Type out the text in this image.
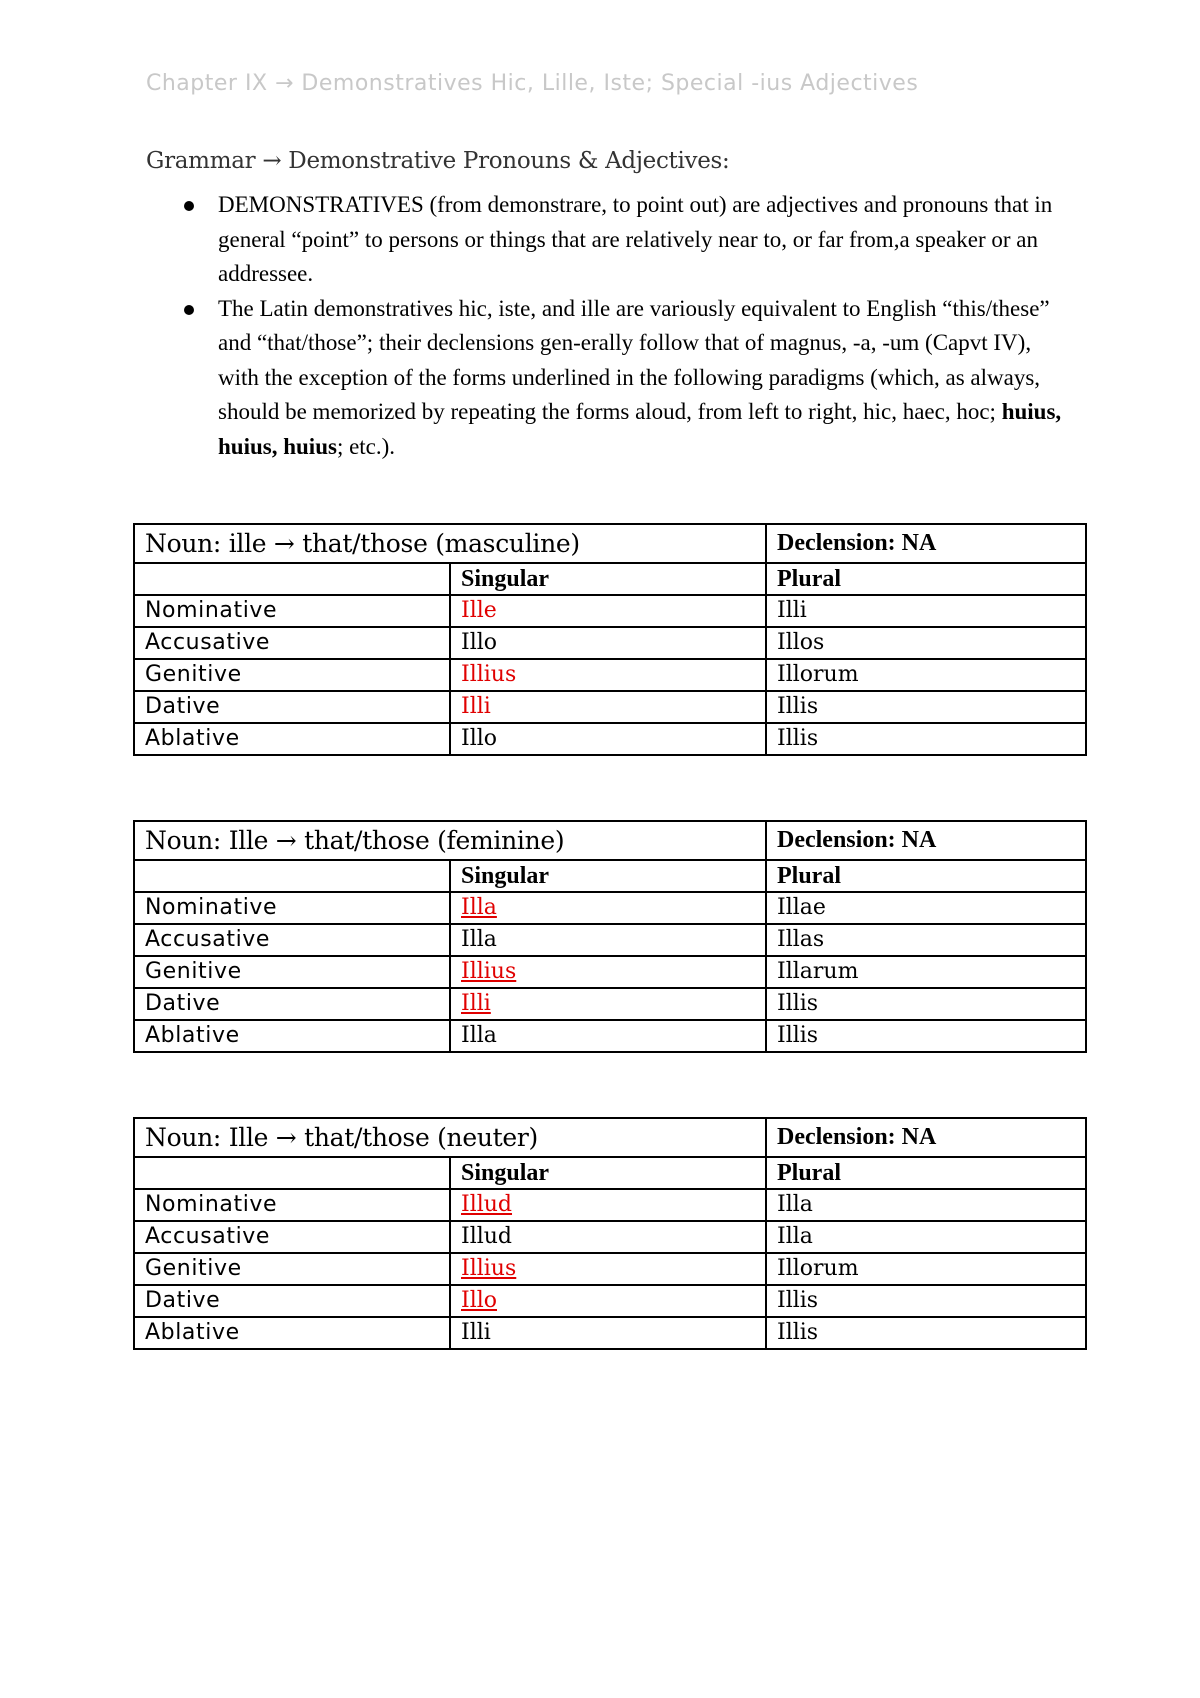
Chapter IX → Demonstratives Hic, Lille, Iste; Special -ius Adjectives
Grammar → Demonstrative Pronouns & Adjectives:
DEMONSTRATIVES (from demonstrare, to point out) are adjectives and pronouns that in general “point” to persons or things that are relatively near to, or far from,a speaker or an addressee.
The Latin demonstratives hic, iste, and ille are variously equivalent to English “this/these” and “that/those”; their declensions gen-erally follow that of magnus, -a, -um (Capvt IV), with the exception of the forms underlined in the following paradigms (which, as always, should be memorized by repeating the forms aloud, from left to right, hic, haec, hoc; huius, huius, huius; etc.).
Noun: ille → that/those (masculine)		Declension: NA
	Singular	Plural
Nominative	Ille	Illi
Accusative	Illo	Illos
Genitive	Illius	Illorum
Dative	Illi	Illis
Ablative	Illo	Illis
Noun: Ille → that/those (feminine)		Declension: NA
	Singular	Plural
Nominative	Illa	Illae
Accusative	Illa	Illas
Genitive	Illius	Illarum
Dative	Illi	Illis
Ablative	Illa	Illis
Noun: Ille → that/those (neuter)		Declension: NA
	Singular	Plural
Nominative	Illud	Illa
Accusative	Illud	Illa
Genitive	Illius	Illorum
Dative	Illo	Illis
Ablative	Illi	Illis
